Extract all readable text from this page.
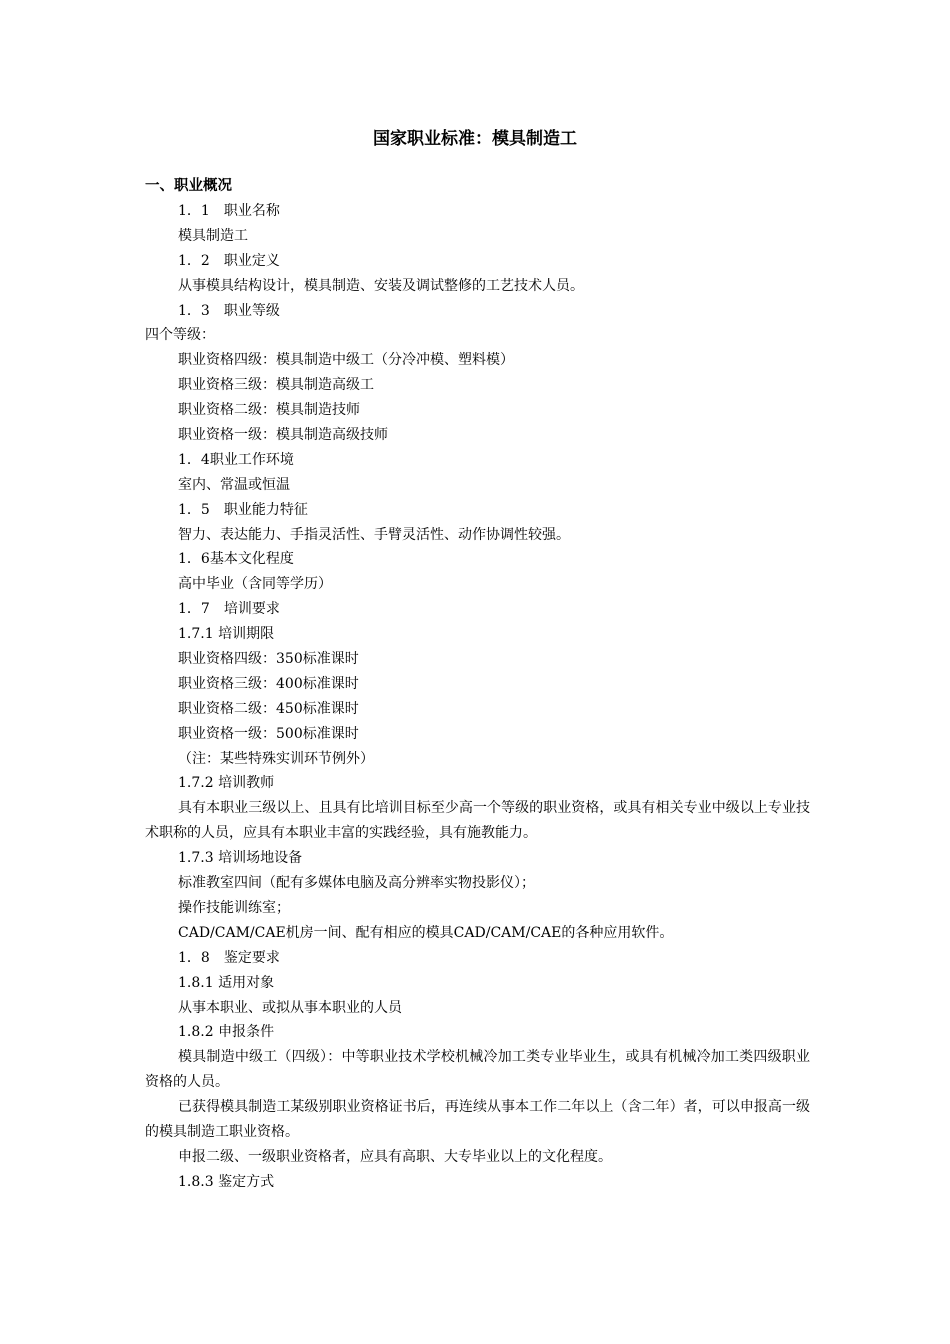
国家职业标准：模具制造工
一、职业概况
1．1　职业名称
模具制造工
1．2　职业定义
从事模具结构设计，模具制造、安装及调试整修的工艺技术人员。
1．3　职业等级
四个等级：
职业资格四级：模具制造中级工（分冷冲模、塑料模）
职业资格三级：模具制造高级工
职业资格二级：模具制造技师
职业资格一级：模具制造高级技师
1．4职业工作环境
室内、常温或恒温
1．5　职业能力特征
智力、表达能力、手指灵活性、手臂灵活性、动作协调性较强。
1．6基本文化程度
高中毕业（含同等学历）
1．7　培训要求
1.7.1 培训期限
职业资格四级：350标准课时
职业资格三级：400标准课时
职业资格二级：450标准课时
职业资格一级：500标准课时
（注：某些特殊实训环节例外）
1.7.2 培训教师

具有本职业三级以上、且具有比培训目标至少高一个等级的职业资格，或具有相关专业中级以上专业技术职称的人员，应具有本职业丰富的实践经验，具有施教能力。

1.7.3 培训场地设备
标准教室四间（配有多媒体电脑及高分辨率实物投影仪）；
操作技能训练室；
CAD/CAM/CAE机房一间、配有相应的模具CAD/CAM/CAE的各种应用软件。
1．8　鉴定要求
1.8.1 适用对象
从事本职业、或拟从事本职业的人员
1.8.2 申报条件

模具制造中级工（四级）：中等职业技术学校机械冷加工类专业毕业生，或具有机械冷加工类四级职业资格的人员。

已获得模具制造工某级别职业资格证书后，再连续从事本工作二年以上（含二年）者，可以申报高一级的模具制造工职业资格。

申报二级、一级职业资格者，应具有高职、大专毕业以上的文化程度。

1.8.3 鉴定方式
